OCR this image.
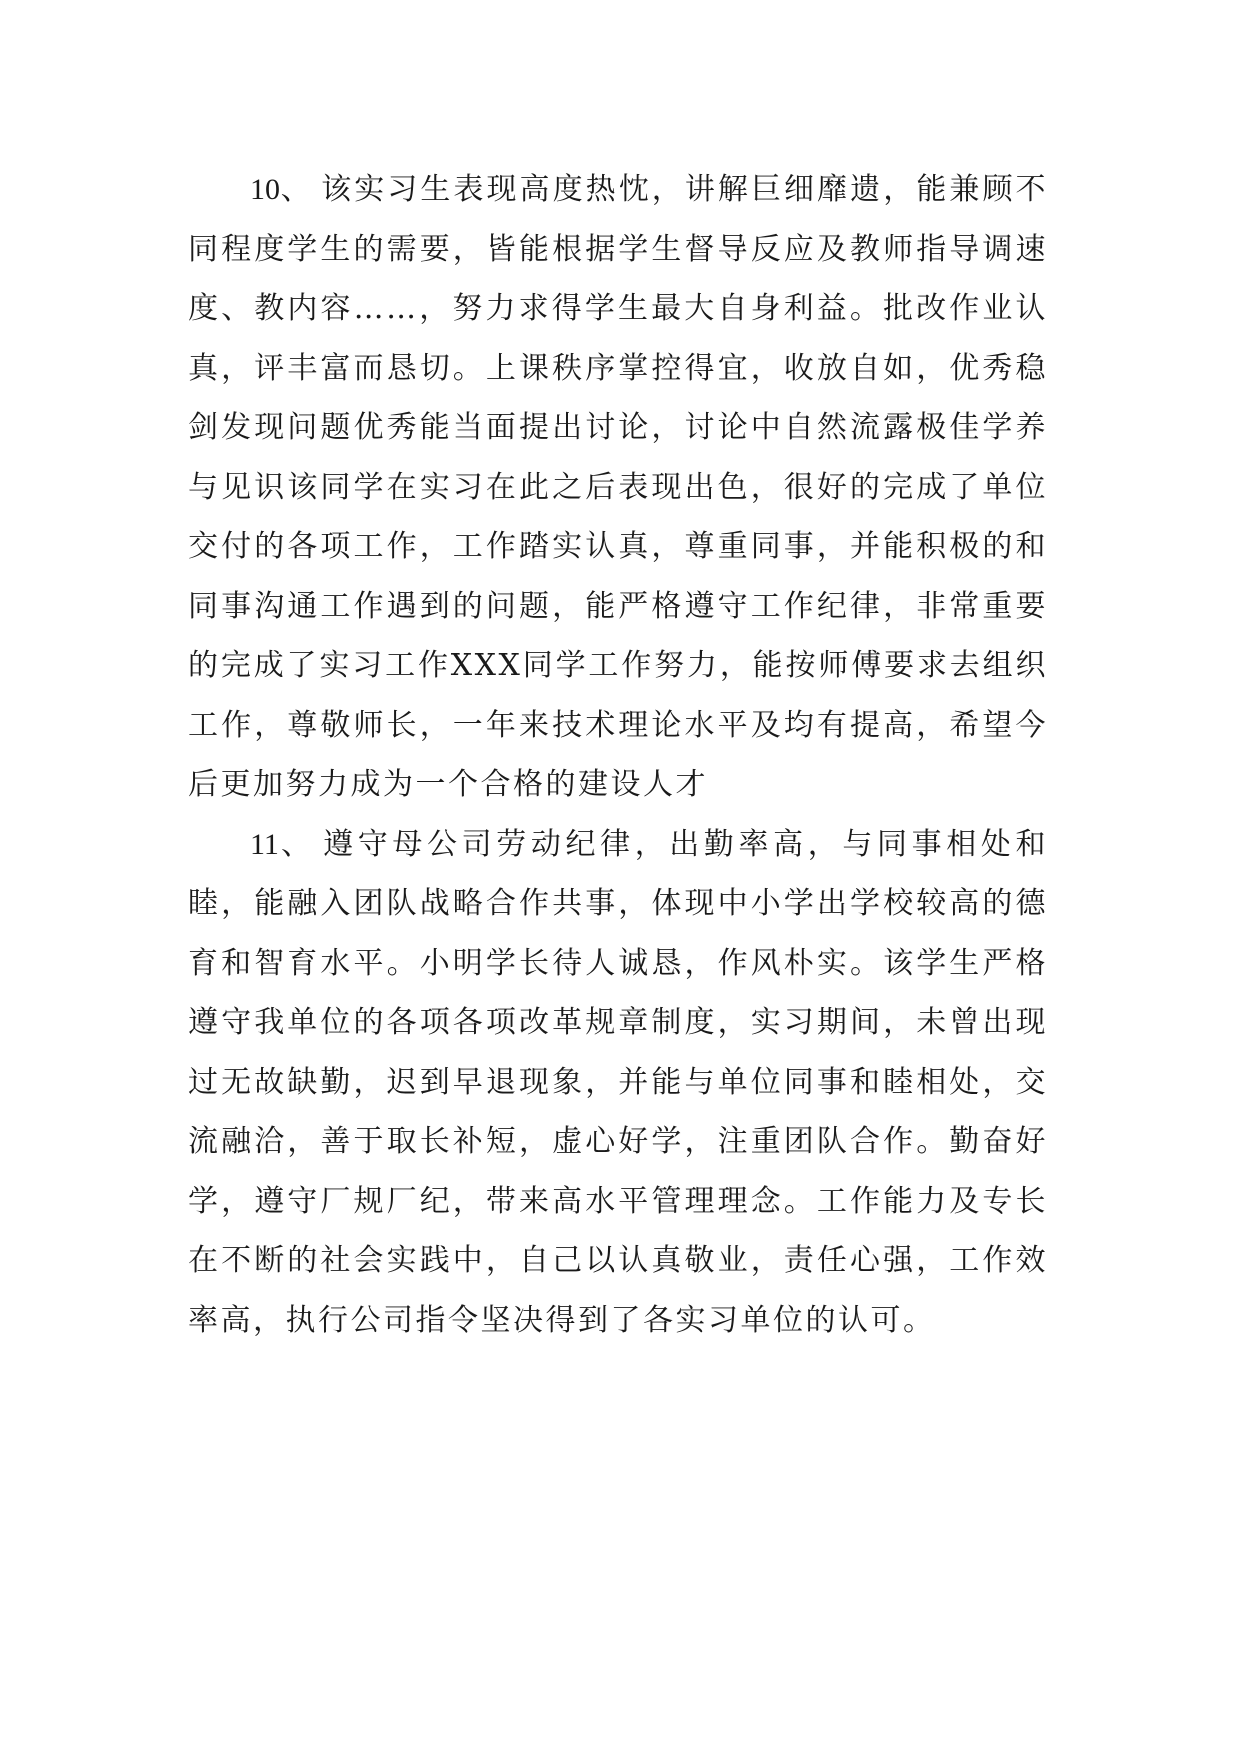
10、 该实习生表现高度热忱，讲解巨细靡遗，能兼顾不同程度学生的需要，皆能根据学生督导反应及教师指导调速度、教内容……，努力求得学生最大自身利益。批改作业认真，评丰富而恳切。上课秩序掌控得宜，收放自如，优秀稳剑发现问题优秀能当面提出讨论，讨论中自然流露极佳学养与见识该同学在实习在此之后表现出色，很好的完成了单位交付的各项工作，工作踏实认真，尊重同事，并能积极的和同事沟通工作遇到的问题，能严格遵守工作纪律，非常重要的完成了实习工作XXX同学工作努力，能按师傅要求去组织工作，尊敬师长，一年来技术理论水平及均有提高，希望今后更加努力成为一个合格的建设人才

11、 遵守母公司劳动纪律，出勤率高，与同事相处和睦，能融入团队战略合作共事，体现中小学出学校较高的德育和智育水平。小明学长待人诚恳，作风朴实。该学生严格遵守我单位的各项各项改革规章制度，实习期间，未曾出现过无故缺勤，迟到早退现象，并能与单位同事和睦相处，交流融洽，善于取长补短，虚心好学，注重团队合作。勤奋好学，遵守厂规厂纪，带来高水平管理理念。工作能力及专长在不断的社会实践中，自己以认真敬业，责任心强，工作效率高，执行公司指令坚决得到了各实习单位的认可。
